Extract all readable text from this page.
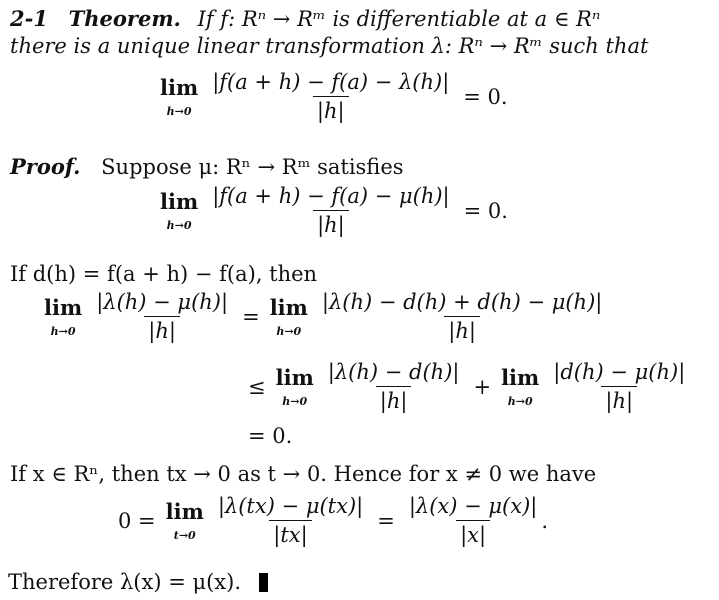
2-1 Theorem. If f: Rⁿ → Rᵐ is differentiable at a ∈ Rⁿ
there is a unique linear transformation λ: Rⁿ → Rᵐ such that
lim
$h\to 0 \frac{|f(a + h) - f(a) - \lambda(h)|}{|h|} = 0$.
Proof. Suppose μ: Rⁿ → Rᵐ satisfies
lim
$h\to 0 \frac{|f(a + h) - f(a) - \mu(h)|}{|h|} = 0$.
If d(h) = f(a + h) − f(a), then
lim
$h\to 0 \frac{|\lambda(h) - \mu(h)|}{|h|} = \lim$
$h\to 0 \frac{|\lambda(h) - d(h) + d(h) - \mu(h)|}{|h|}$
≤ lim
$h\to 0 \frac{|\lambda(h) - d(h)|}{|h|} + \lim$
$h\to 0 \frac{|d(h) - \mu(h)|}{|h|}$
= 0.
If x ∈ Rⁿ, then tx → 0 as t → 0. Hence for x ≠ 0 we have
0 = lim
$t\to 0 \frac{|\lambda(tx) - \mu(tx)|}{|tx|} = \frac{|\lambda(x) - \mu(x)|}{|x|}$ .
Therefore λ(x) = μ(x).
